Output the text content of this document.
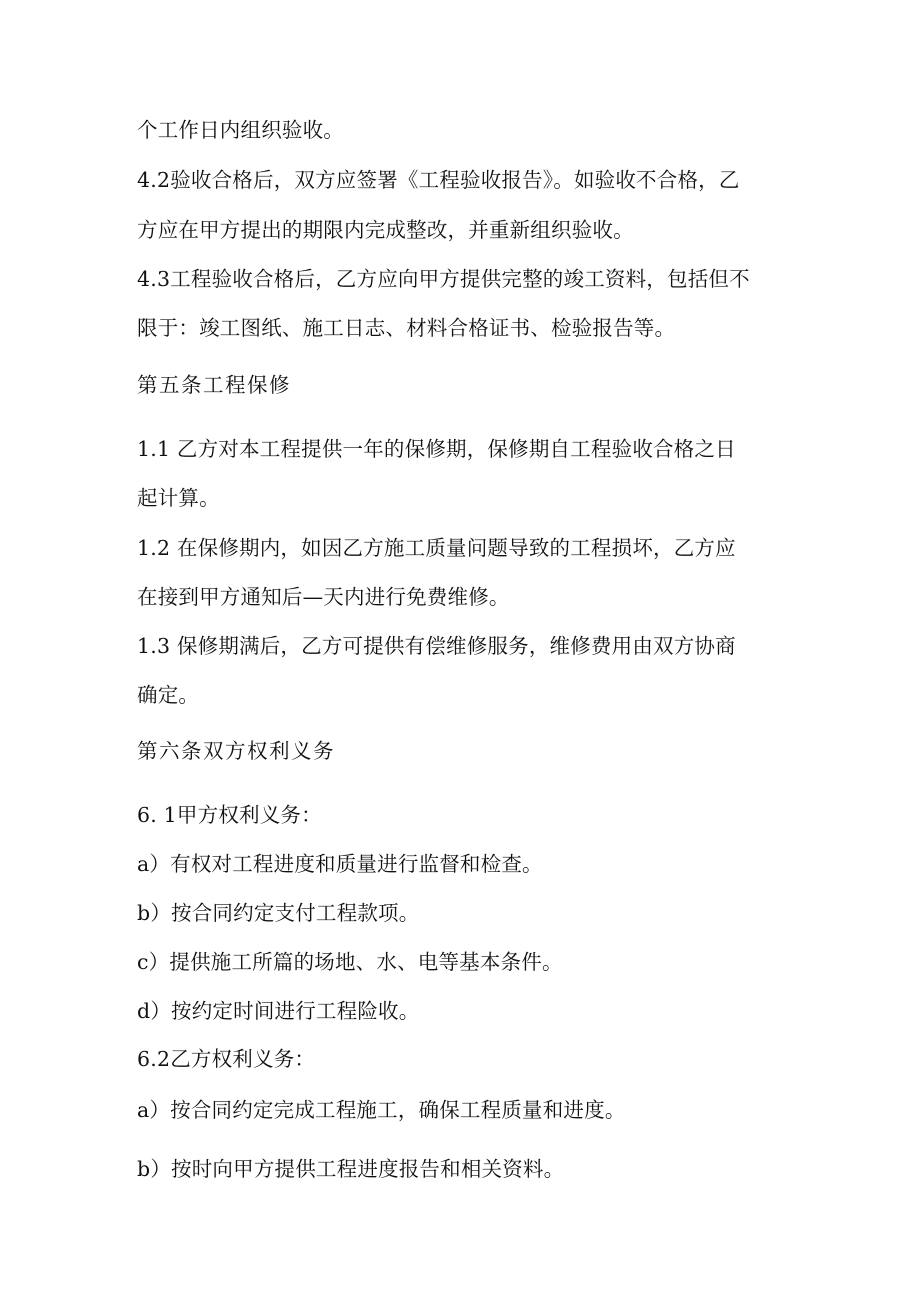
个工作日内组织验收。
4.2验收合格后，双方应签署《工程验收报告》。如验收不合格，乙
方应在甲方提出的期限内完成整改，并重新组织验收。
4.3工程验收合格后，乙方应向甲方提供完整的竣工资料，包括但不
限于：竣工图纸、施工日志、材料合格证书、检验报告等。
第五条工程保修
1.1 乙方对本工程提供一年的保修期，保修期自工程验收合格之日
起计算。
1.2 在保修期内，如因乙方施工质量问题导致的工程损坏，乙方应
在接到甲方通知后—天内进行免费维修。
1.3 保修期满后，乙方可提供有偿维修服务，维修费用由双方协商
确定。
第六条双方权利义务
6. 1甲方权利义务：
a）有权对工程进度和质量进行监督和检查。
b）按合同约定支付工程款项。
c）提供施工所篇的场地、水、电等基本条件。
d）按约定时间进行工程险收。
6.2乙方权利义务：
a）按合同约定完成工程施工，确保工程质量和进度。
b）按时向甲方提供工程进度报告和相关资料。
